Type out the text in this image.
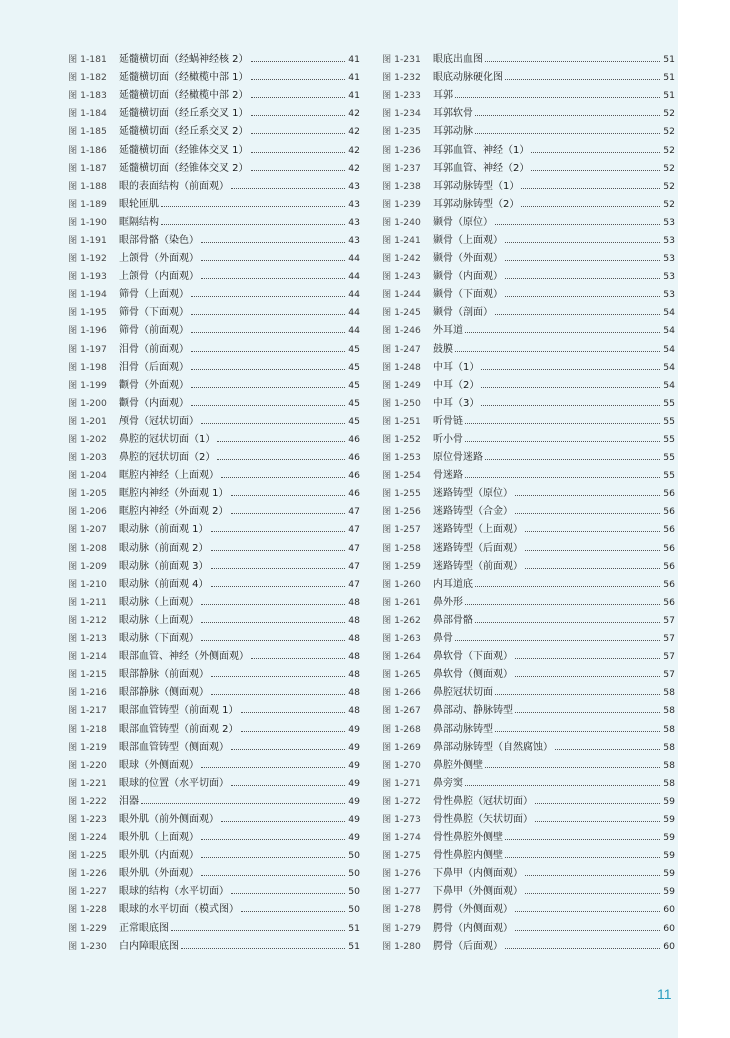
图 1-181	延髓横切面（经蜗神经核 2）	41
图 1-182	延髓横切面（经橄榄中部 1）	41
图 1-183	延髓横切面（经橄榄中部 2）	41
图 1-184	延髓横切面（经丘系交叉 1）	42
图 1-185	延髓横切面（经丘系交叉 2）	42
图 1-186	延髓横切面（经锥体交叉 1）	42
图 1-187	延髓横切面（经锥体交叉 2）	42
图 1-188	眼的表面结构（前面观）	43
图 1-189	眼轮匝肌	43
图 1-190	眶隔结构	43
图 1-191	眼部骨骼（染色）	43
图 1-192	上颌骨（外面观）	44
图 1-193	上颌骨（内面观）	44
图 1-194	筛骨（上面观）	44
图 1-195	筛骨（下面观）	44
图 1-196	筛骨（前面观）	44
图 1-197	泪骨（前面观）	45
图 1-198	泪骨（后面观）	45
图 1-199	颧骨（外面观）	45
图 1-200	颧骨（内面观）	45
图 1-201	颅骨（冠状切面）	45
图 1-202	鼻腔的冠状切面（1）	46
图 1-203	鼻腔的冠状切面（2）	46
图 1-204	眶腔内神经（上面观）	46
图 1-205	眶腔内神经（外面观 1）	46
图 1-206	眶腔内神经（外面观 2）	47
图 1-207	眼动脉（前面观 1）	47
图 1-208	眼动脉（前面观 2）	47
图 1-209	眼动脉（前面观 3）	47
图 1-210	眼动脉（前面观 4）	47
图 1-211	眼动脉（上面观）	48
图 1-212	眼动脉（上面观）	48
图 1-213	眼动脉（下面观）	48
图 1-214	眼部血管、神经（外侧面观）	48
图 1-215	眼部静脉（前面观）	48
图 1-216	眼部静脉（侧面观）	48
图 1-217	眼部血管铸型（前面观 1）	48
图 1-218	眼部血管铸型（前面观 2）	49
图 1-219	眼部血管铸型（侧面观）	49
图 1-220	眼球（外侧面观）	49
图 1-221	眼球的位置（水平切面）	49
图 1-222	泪器	49
图 1-223	眼外肌（前外侧面观）	49
图 1-224	眼外肌（上面观）	49
图 1-225	眼外肌（内面观）	50
图 1-226	眼外肌（外面观）	50
图 1-227	眼球的结构（水平切面）	50
图 1-228	眼球的水平切面（模式图）	50
图 1-229	正常眼底图	51
图 1-230	白内障眼底图	51
图 1-231	眼底出血图	51
图 1-232	眼底动脉硬化图	51
图 1-233	耳郭	51
图 1-234	耳郭软骨	52
图 1-235	耳郭动脉	52
图 1-236	耳郭血管、神经（1）	52
图 1-237	耳郭血管、神经（2）	52
图 1-238	耳郭动脉铸型（1）	52
图 1-239	耳郭动脉铸型（2）	52
图 1-240	颞骨（原位）	53
图 1-241	颞骨（上面观）	53
图 1-242	颞骨（外面观）	53
图 1-243	颞骨（内面观）	53
图 1-244	颞骨（下面观）	53
图 1-245	颞骨（剖面）	54
图 1-246	外耳道	54
图 1-247	鼓膜	54
图 1-248	中耳（1）	54
图 1-249	中耳（2）	54
图 1-250	中耳（3）	55
图 1-251	听骨链	55
图 1-252	听小骨	55
图 1-253	原位骨迷路	55
图 1-254	骨迷路	55
图 1-255	迷路铸型（原位）	56
图 1-256	迷路铸型（合金）	56
图 1-257	迷路铸型（上面观）	56
图 1-258	迷路铸型（后面观）	56
图 1-259	迷路铸型（前面观）	56
图 1-260	内耳道底	56
图 1-261	鼻外形	56
图 1-262	鼻部骨骼	57
图 1-263	鼻骨	57
图 1-264	鼻软骨（下面观）	57
图 1-265	鼻软骨（侧面观）	57
图 1-266	鼻腔冠状切面	58
图 1-267	鼻部动、静脉铸型	58
图 1-268	鼻部动脉铸型	58
图 1-269	鼻部动脉铸型（自然腐蚀）	58
图 1-270	鼻腔外侧壁	58
图 1-271	鼻旁窦	58
图 1-272	骨性鼻腔（冠状切面）	59
图 1-273	骨性鼻腔（矢状切面）	59
图 1-274	骨性鼻腔外侧壁	59
图 1-275	骨性鼻腔内侧壁	59
图 1-276	下鼻甲（内侧面观）	59
图 1-277	下鼻甲（外侧面观）	59
图 1-278	腭骨（外侧面观）	60
图 1-279	腭骨（内侧面观）	60
图 1-280	腭骨（后面观）	60
11
